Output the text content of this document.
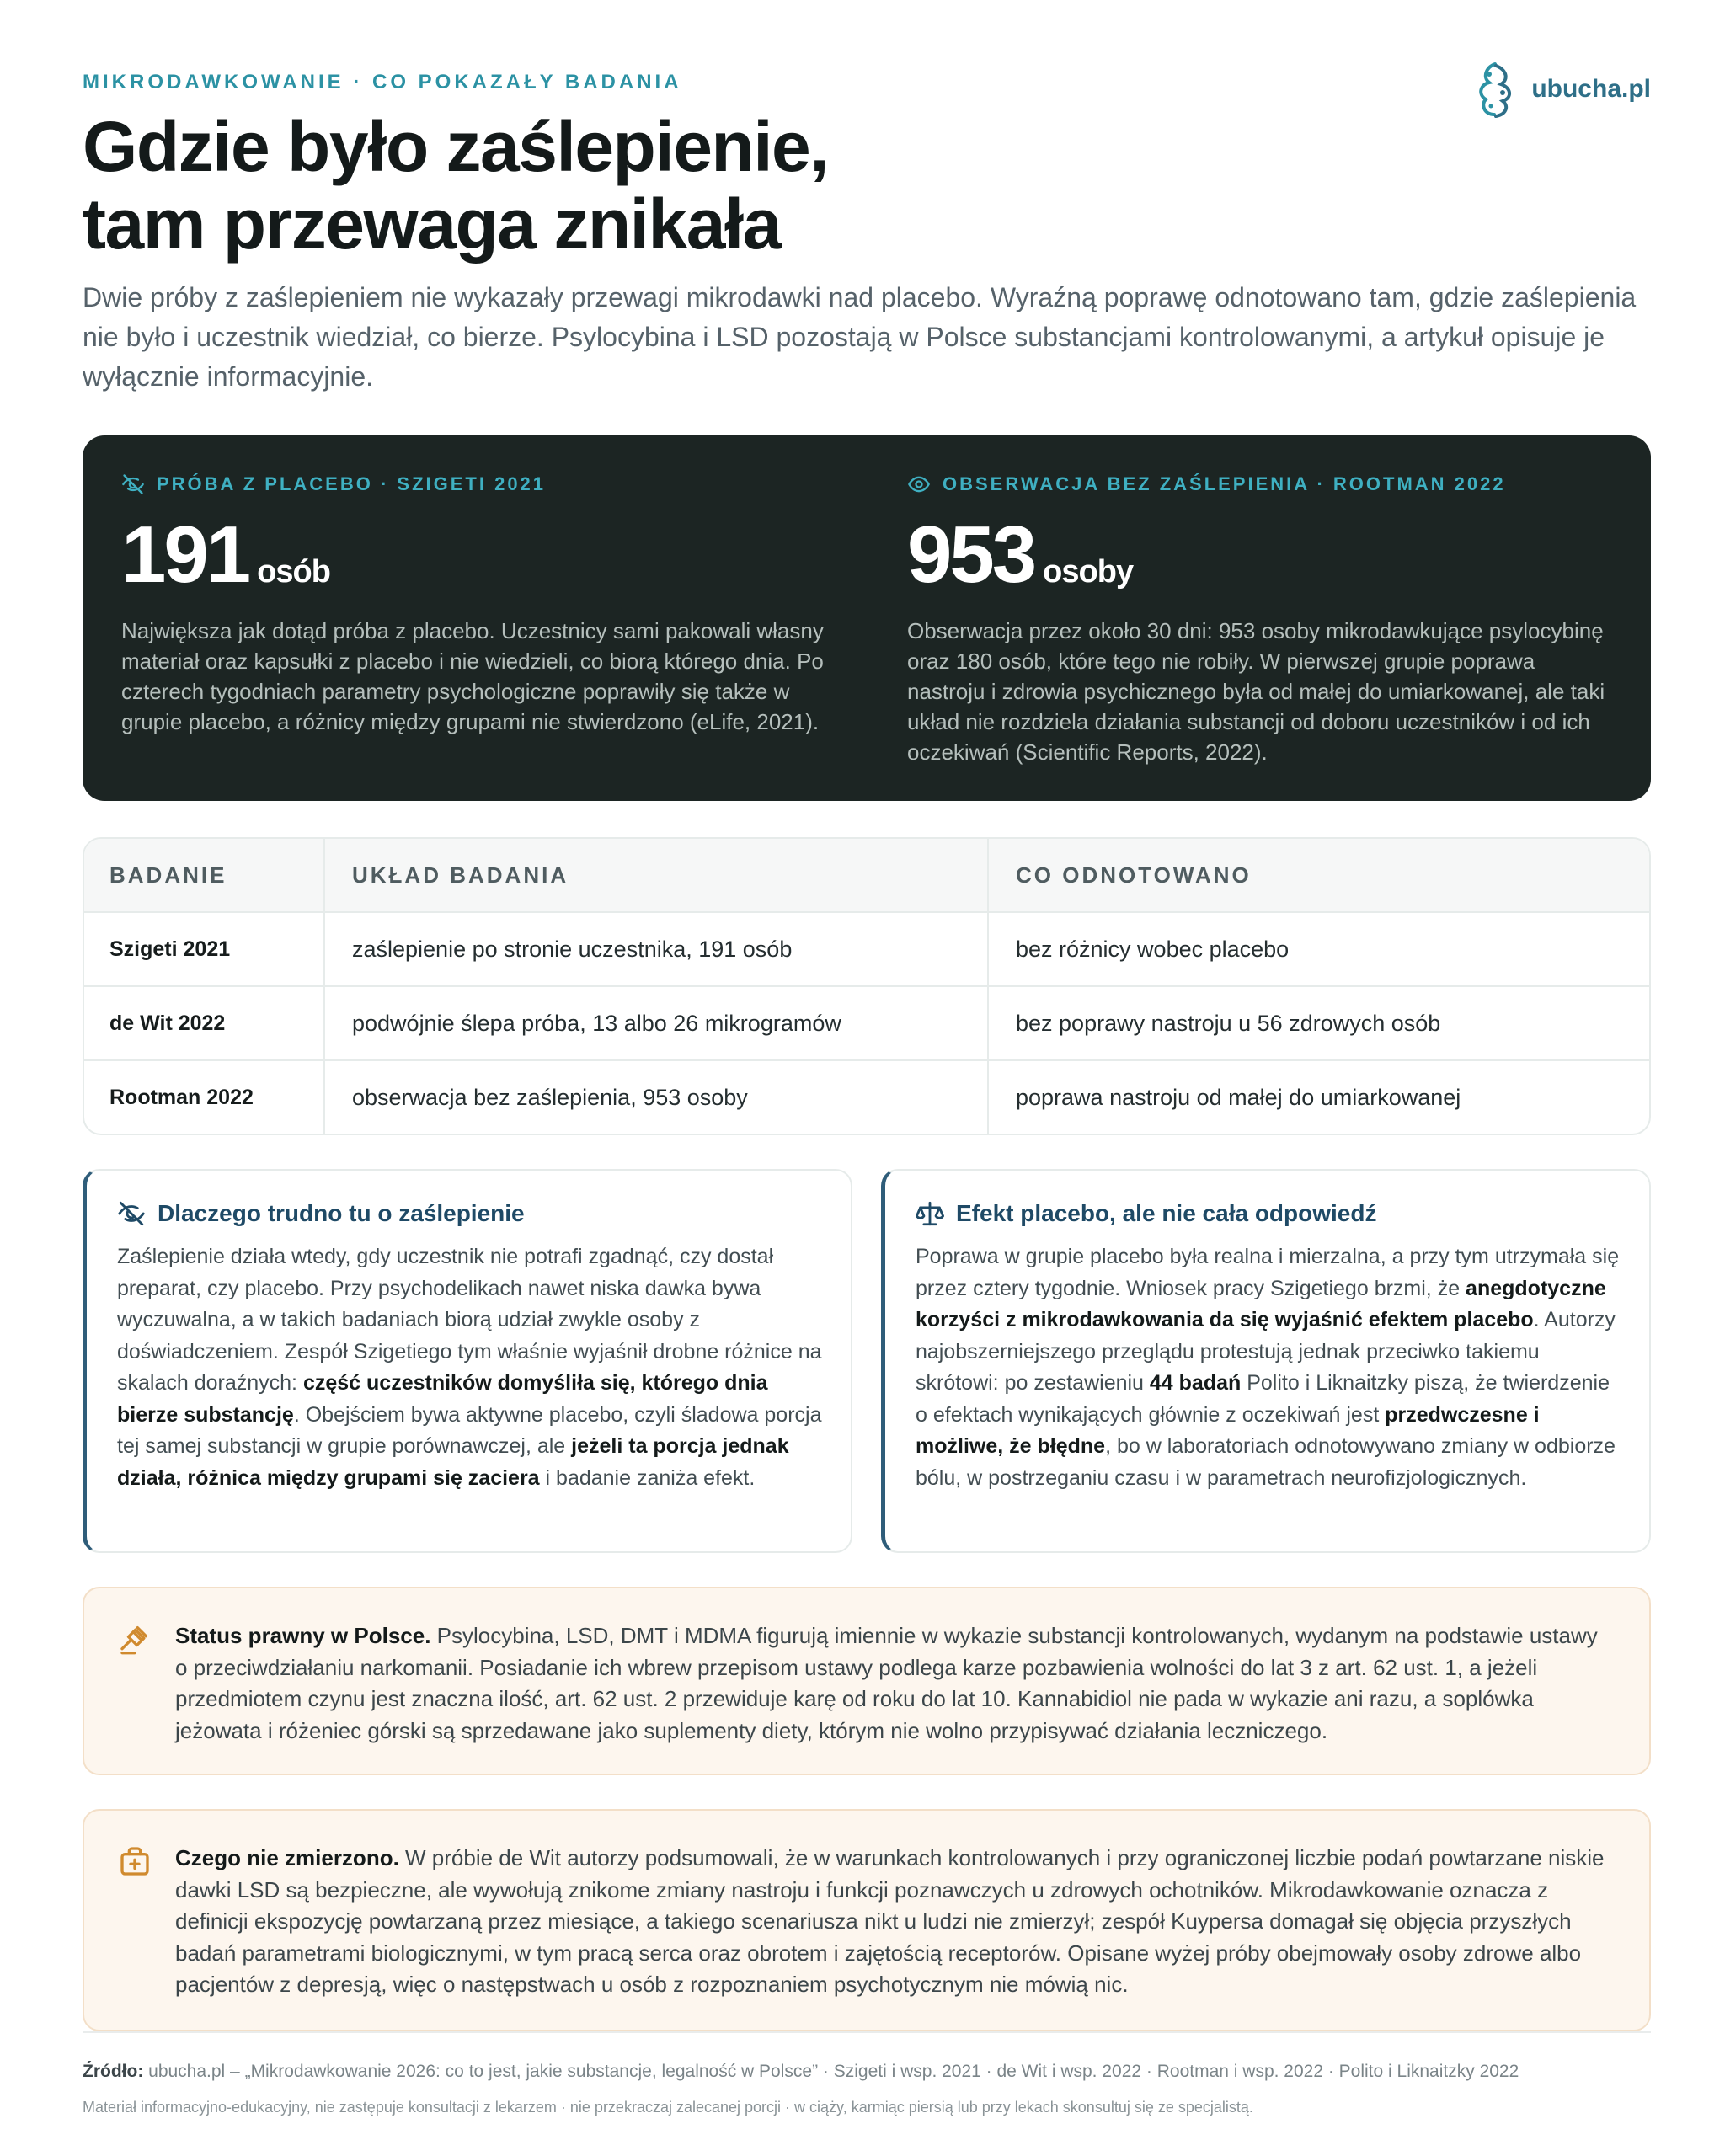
MIKRODAWKOWANIE · CO POKAZAŁY BADANIA	ubucha.pl
Gdzie było zaślepienie,
tam przewaga znikała

Dwie próby z zaślepieniem nie wykazały przewagi mikrodawki nad placebo. Wyraźną poprawę odnotowano tam, gdzie zaślepienia nie było i uczestnik wiedział, co bierze. Psylocybina i LSD pozostają w Polsce substancjami kontrolowanymi, a artykuł opisuje je wyłącznie informacyjnie.

PRÓBA Z PLACEBO · SZIGETI 2021
191 osób

Największa jak dotąd próba z placebo. Uczestnicy sami pakowali własny materiał oraz kapsułki z placebo i nie wiedzieli, co biorą którego dnia. Po czterech tygodniach parametry psychologiczne poprawiły się także w grupie placebo, a różnicy między grupami nie stwierdzono (eLife, 2021).

OBSERWACJA BEZ ZAŚLEPIENIA · ROOTMAN 2022
953 osoby

Obserwacja przez około 30 dni: 953 osoby mikrodawkujące psylocybinę oraz 180 osób, które tego nie robiły. W pierwszej grupie poprawa nastroju i zdrowia psychicznego była od małej do umiarkowanej, ale taki układ nie rozdziela działania substancji od doboru uczestników i od ich oczekiwań (Scientific Reports, 2022).

BADANIE	UKŁAD BADANIA	CO ODNOTOWANO
Szigeti 2021	zaślepienie po stronie uczestnika, 191 osób	bez różnicy wobec placebo
de Wit 2022	podwójnie ślepa próba, 13 albo 26 mikrogramów	bez poprawy nastroju u 56 zdrowych osób
Rootman 2022	obserwacja bez zaślepienia, 953 osoby	poprawa nastroju od małej do umiarkowanej
Dlaczego trudno tu o zaślepienie

Zaślepienie działa wtedy, gdy uczestnik nie potrafi zgadnąć, czy dostał preparat, czy placebo. Przy psychodelikach nawet niska dawka bywa wyczuwalna, a w takich badaniach biorą udział zwykle osoby z doświadczeniem. Zespół Szigetiego tym właśnie wyjaśnił drobne różnice na skalach doraźnych: część uczestników domyśliła się, którego dnia bierze substancję. Obejściem bywa aktywne placebo, czyli śladowa porcja tej samej substancji w grupie porównawczej, ale jeżeli ta porcja jednak działa, różnica między grupami się zaciera i badanie zaniża efekt.

Efekt placebo, ale nie cała odpowiedź

Poprawa w grupie placebo była realna i mierzalna, a przy tym utrzymała się przez cztery tygodnie. Wniosek pracy Szigetiego brzmi, że anegdotyczne korzyści z mikrodawkowania da się wyjaśnić efektem placebo. Autorzy najobszerniejszego przeglądu protestują jednak przeciwko takiemu skrótowi: po zestawieniu 44 badań Polito i Liknaitzky piszą, że twierdzenie o efektach wynikających głównie z oczekiwań jest przedwczesne i możliwe, że błędne, bo w laboratoriach odnotowywano zmiany w odbiorze bólu, w postrzeganiu czasu i w parametrach neurofizjologicznych.

Status prawny w Polsce. Psylocybina, LSD, DMT i MDMA figurują imiennie w wykazie substancji kontrolowanych, wydanym na podstawie ustawy o przeciwdziałaniu narkomanii. Posiadanie ich wbrew przepisom ustawy podlega karze pozbawienia wolności do lat 3 z art. 62 ust. 1, a jeżeli przedmiotem czynu jest znaczna ilość, art. 62 ust. 2 przewiduje karę od roku do lat 10. Kannabidiol nie pada w wykazie ani razu, a soplówka jeżowata i różeniec górski są sprzedawane jako suplementy diety, którym nie wolno przypisywać działania leczniczego.

Czego nie zmierzono. W próbie de Wit autorzy podsumowali, że w warunkach kontrolowanych i przy ograniczonej liczbie podań powtarzane niskie dawki LSD są bezpieczne, ale wywołują znikome zmiany nastroju i funkcji poznawczych u zdrowych ochotników. Mikrodawkowanie oznacza z definicji ekspozycję powtarzaną przez miesiące, a takiego scenariusza nikt u ludzi nie zmierzył; zespół Kuypersa domagał się objęcia przyszłych badań parametrami biologicznymi, w tym pracą serca oraz obrotem i zajętością receptorów. Opisane wyżej próby obejmowały osoby zdrowe albo pacjentów z depresją, więc o następstwach u osób z rozpoznaniem psychotycznym nie mówią nic.

Źródło: ubucha.pl – „Mikrodawkowanie 2026: co to jest, jakie substancje, legalność w Polsce” · Szigeti i wsp. 2021 · de Wit i wsp. 2022 · Rootman i wsp. 2022 · Polito i Liknaitzky 2022

Materiał informacyjno-edukacyjny, nie zastępuje konsultacji z lekarzem · nie przekraczaj zalecanej porcji · w ciąży, karmiąc piersią lub przy lekach skonsultuj się ze specjalistą.
